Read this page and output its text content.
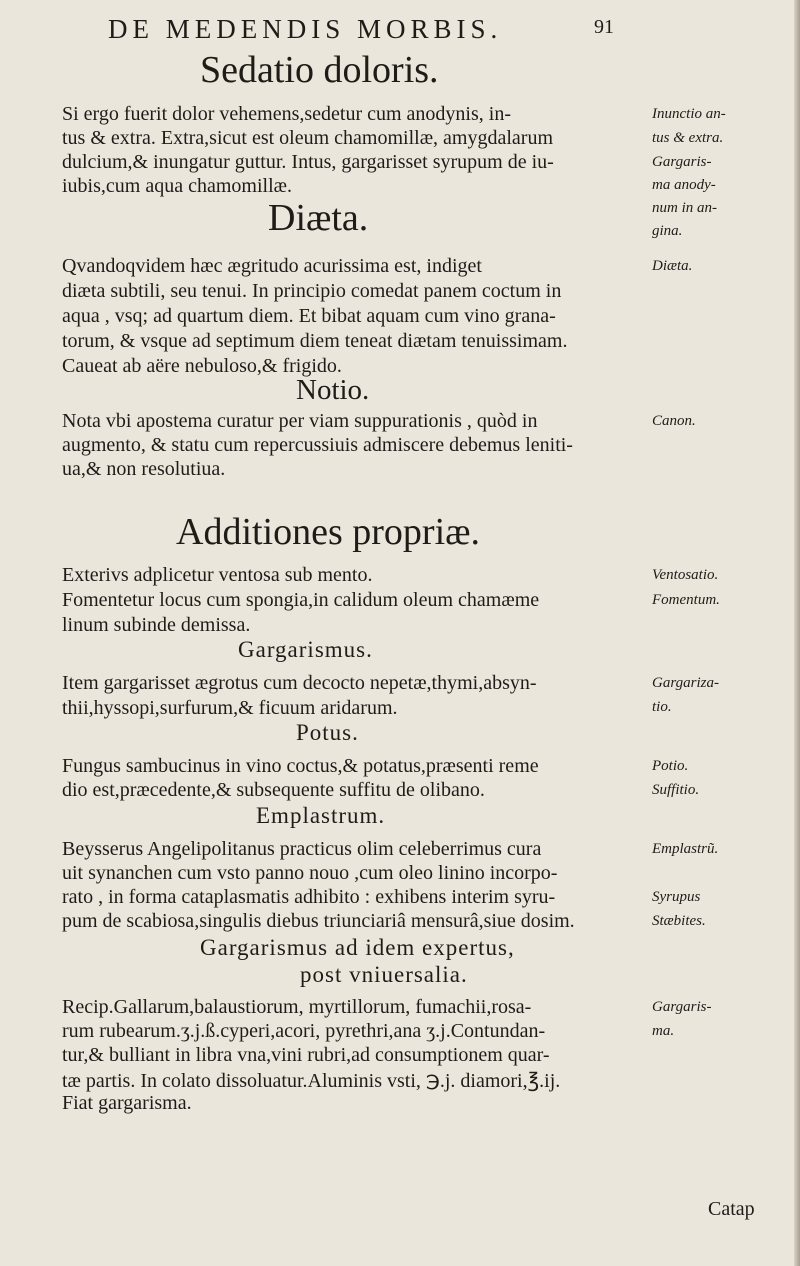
DE MEDENDIS MORBIS.	91
Sedatio doloris.
Si ergo fuerit dolor vehemens,sedetur cum anodynis, in-
tus & extra. Extra,sicut est oleum chamomillæ, amygdalarum
dulcium,& inungatur guttur. Intus, gargarisset syrupum de iu-
iubis,cum aqua chamomillæ.
Diæta.
Qvandoqvidem hæc ægritudo acurissima est, indiget
diæta subtili, seu tenui. In principio comedat panem coctum in
aqua , vsq; ad quartum diem. Et bibat aquam cum vino grana-
torum, & vsque ad septimum diem teneat diætam tenuissimam.
Caueat ab aëre nebuloso,& frigido.
Notio.
Nota vbi apostema curatur per viam suppurationis , quòd in
augmento, & statu cum repercussiuis admiscere debemus leniti-
ua,& non resolutiua.
Additiones propriæ.
Exterivs adplicetur ventosa sub mento.
Fomentetur locus cum spongia,in calidum oleum chamæme
linum subinde demissa.
Gargarismus.
Item gargarisset ægrotus cum decocto nepetæ,thymi,absyn-
thii,hyssopi,surfurum,& ficuum aridarum.
Potus.
Fungus sambucinus in vino coctus,& potatus,præsenti reme
dio est,præcedente,& subsequente suffitu de olibano.
Emplastrum.
Beysserus Angelipolitanus practicus olim celeberrimus cura
uit synanchen cum vsto panno nouo ,cum oleo linino incorpo-
rato , in forma cataplasmatis adhibito : exhibens interim syru-
pum de scabiosa,singulis diebus triunciariâ mensurâ,siue dosim.
Gargarismus ad idem expertus,
post vniuersalia.
Recip.Gallarum,balaustiorum, myrtillorum, fumachii,rosa-
rum rubearum.ʒ.j.ß.cyperi,acori, pyrethri,ana ʒ.j.Contundan-
tur,& bulliant in libra vna,vini rubri,ad consumptionem quar-
tæ partis. In colato dissoluatur.Aluminis vsti, ℈.j. diamori,℥.ij.
Fiat gargarisma.
Inunctio an-
tus & extra.
Gargaris-
ma anody-
num in an-
gina.
Diæta.
Canon.
Ventosatio.
Fomentum.
Gargariza-
tio.
Potio.
Suffitio.
Emplastrũ.
Syrupus
Stæbites.
Gargaris-
ma.
Catap
